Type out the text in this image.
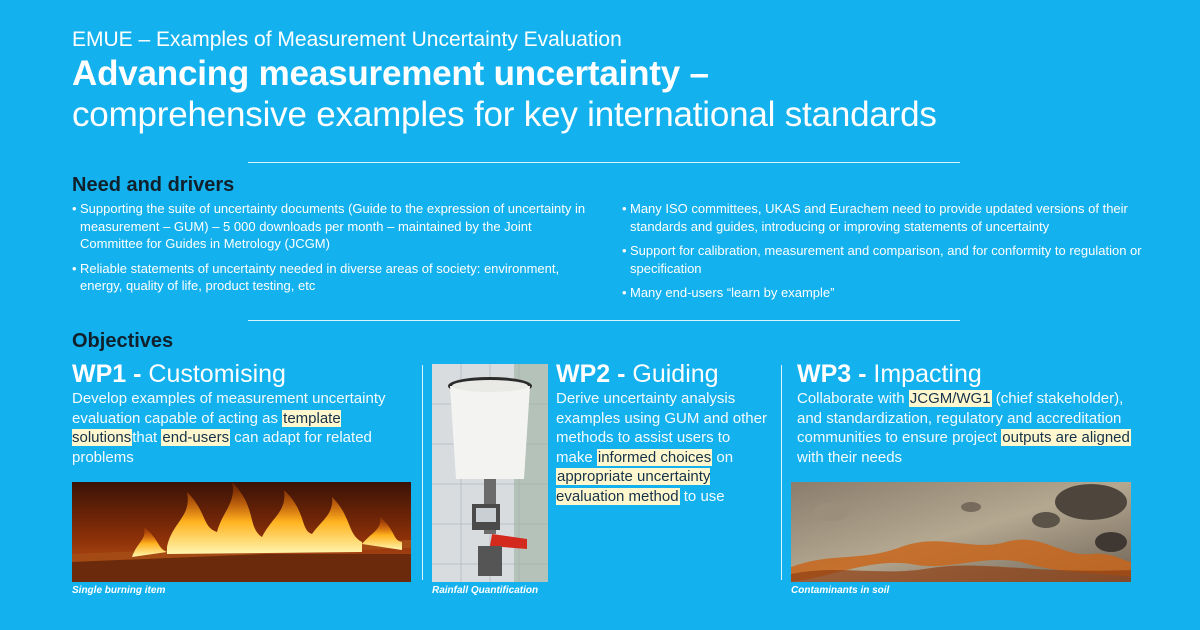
EMUE – Examples of Measurement Uncertainty Evaluation
Advancing measurement uncertainty –
comprehensive examples for key international standards
Need and drivers
• Supporting the suite of uncertainty documents (Guide to the expression of uncertainty in measurement – GUM) – 5 000 downloads per month – maintained by the Joint Committee for Guides in Metrology (JCGM)
• Reliable statements of uncertainty needed in diverse areas of society: environment, energy, quality of life, product testing, etc
• Many ISO committees, UKAS and Eurachem need to provide updated versions of their standards and guides, introducing or improving statements of uncertainty
• Support for calibration, measurement and comparison, and for conformity to regulation or specification
• Many end-users “learn by example”
Objectives
WP1 - Customising
Develop examples of measurement uncertainty evaluation capable of acting as template solutionsthat end-users can adapt for related problems
Single burning item	Rainfall Quantification
WP2 - Guiding
Derive uncertainty analysis examples using GUM and other methods to assist users to make informed choices on appropriate uncertainty evaluation method to use
WP3 - Impacting
Collaborate with JCGM/WG1 (chief stakeholder), and standardization, regulatory and accreditation communities to ensure project outputs are aligned with their needs
Contaminants in soil
